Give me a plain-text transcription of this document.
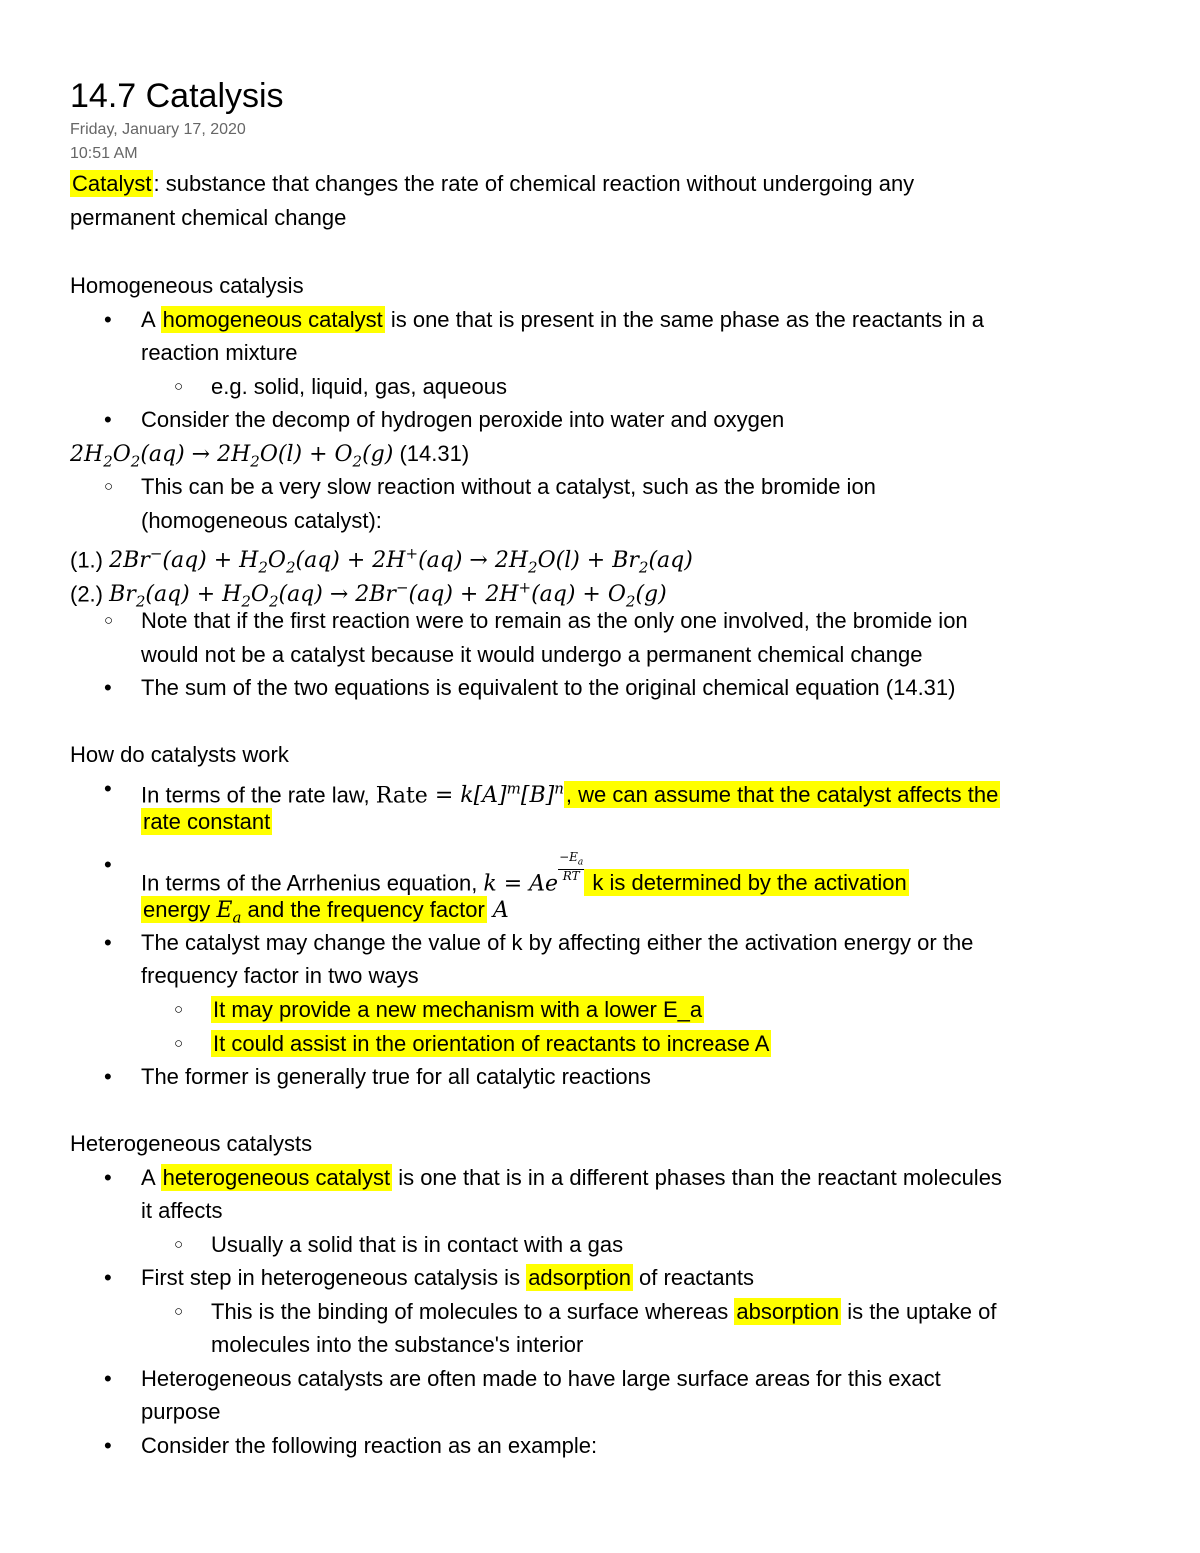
14.7 Catalysis
Friday, January 17, 2020
10:51 AM
Catalyst: substance that changes the rate of chemical reaction without undergoing any
permanent chemical change
Homogeneous catalysis
• A homogeneous catalyst is one that is present in the same phase as the reactants in a
reaction mixture
○ e.g. solid, liquid, gas, aqueous
• Consider the decomp of hydrogen peroxide into water and oxygen
$2H_2O_2(aq) \to 2H_2O(l) + O_2(g)$ (14.31)
○ This can be a very slow reaction without a catalyst, such as the bromide ion
(homogeneous catalyst):
(1.) $2Br^-(aq) + H_2O_2(aq) + 2H^+(aq) \to 2H_2O(l) + Br_2(aq)$
(2.) $Br_2(aq) + H_2O_2(aq) \to 2Br^-(aq) + 2H^+(aq) + O_2(g)$
○ Note that if the first reaction were to remain as the only one involved, the bromide ion
would not be a catalyst because it would undergo a permanent chemical change
• The sum of the two equations is equivalent to the original chemical equation (14.31)
How do catalysts work
• In terms of the rate law, Rate = $k[A]^m[B]^n$, we can assume that the catalyst affects the
rate constant
• In terms of the Arrhenius equation, k = Ae
$\frac{-E_a}{RT}$ k is determined by the activation
energy $E_a$ and the frequency factor A
• The catalyst may change the value of k by affecting either the activation energy or the
frequency factor in two ways
○ It may provide a new mechanism with a lower E_a
○ It could assist in the orientation of reactants to increase A
• The former is generally true for all catalytic reactions
Heterogeneous catalysts
• A heterogeneous catalyst is one that is in a different phases than the reactant molecules
it affects
○ Usually a solid that is in contact with a gas
• First step in heterogeneous catalysis is adsorption of reactants
○ This is the binding of molecules to a surface whereas absorption is the uptake of
molecules into the substance's interior
• Heterogeneous catalysts are often made to have large surface areas for this exact
purpose
• Consider the following reaction as an example:
